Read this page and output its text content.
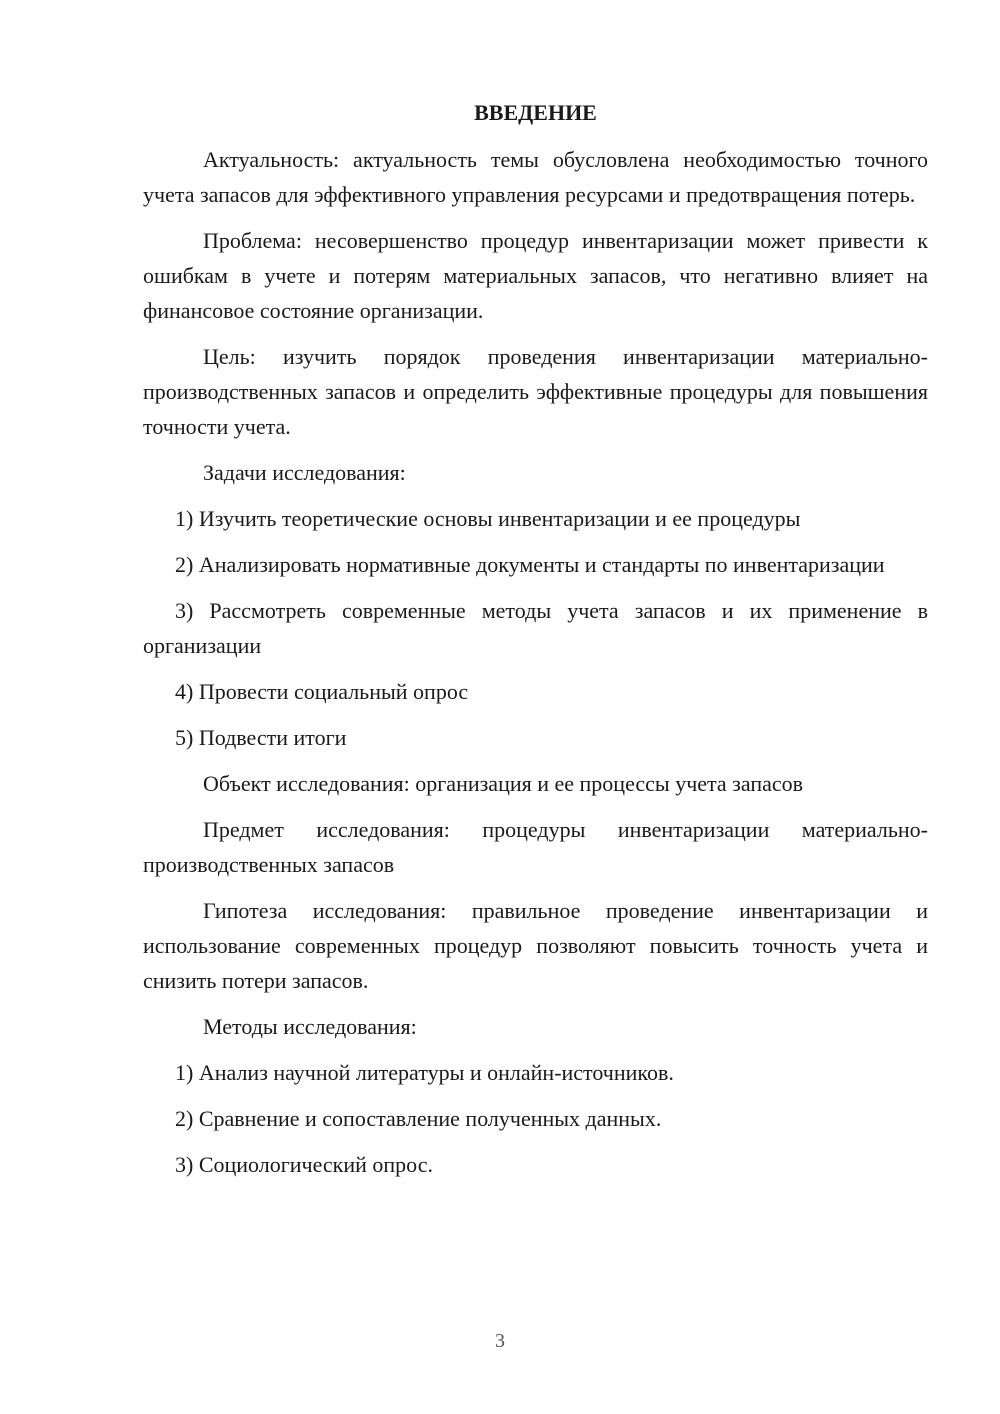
ВВЕДЕНИЕ

Актуальность: актуальность темы обусловлена необходимостью точного учета запасов для эффективного управления ресурсами и предотвращения потерь.

Проблема: несовершенство процедур инвентаризации может привести к ошибкам в учете и потерям материальных запасов, что негативно влияет на финансовое состояние организации.

Цель: изучить порядок проведения инвентаризации материально-производственных запасов и определить эффективные процедуры для повышения точности учета.

Задачи исследования:

1) Изучить теоретические основы инвентаризации и ее процедуры

2) Анализировать нормативные документы и стандарты по инвентаризации

3) Рассмотреть современные методы учета запасов и их применение в организации

4) Провести социальный опрос

5) Подвести итоги

Объект исследования: организация и ее процессы учета запасов

Предмет исследования: процедуры инвентаризации материально-производственных запасов

Гипотеза исследования: правильное проведение инвентаризации и использование современных процедур позволяют повысить точность учета и снизить потери запасов.

Методы исследования:

1) Анализ научной литературы и онлайн-источников.

2) Сравнение и сопоставление полученных данных.

3) Социологический опрос.

3
